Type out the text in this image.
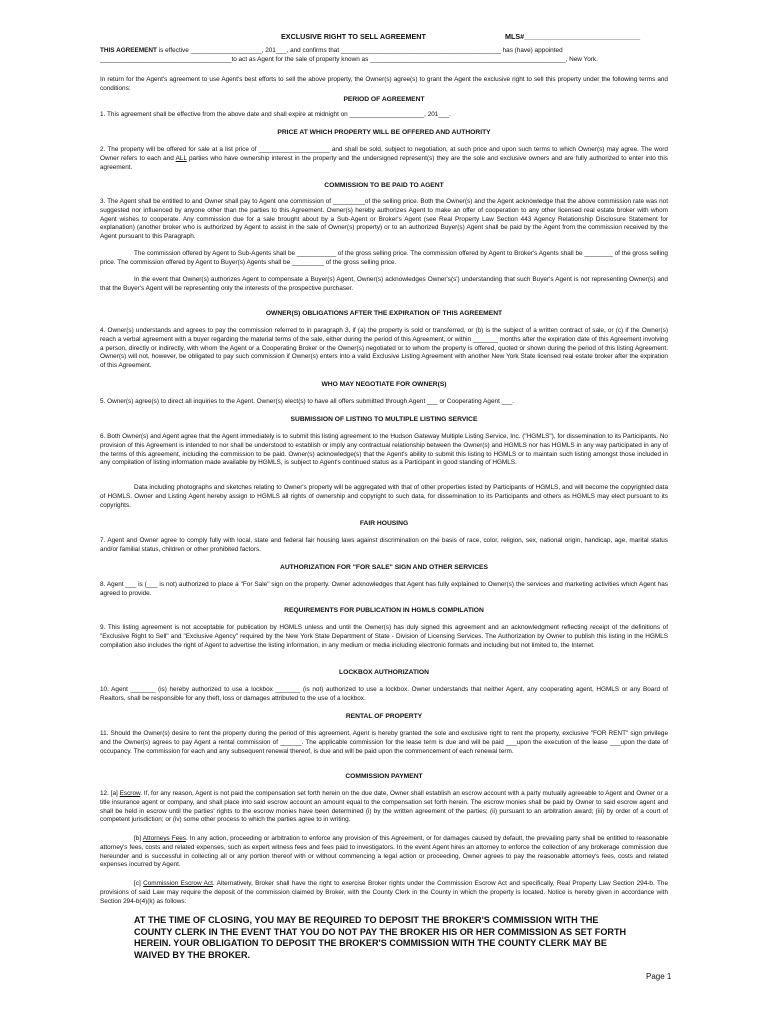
EXCLUSIVE RIGHT TO SELL AGREEMENT	MLS#_____________________________

THIS AGREEMENT is effective ____________________, 201___, and confirms that _____________________________________________ has (have) appointed

_____________________________________to act as Agent for the sale of property known as _______________________________________________________, New York.

In return for the Agent's agreement to use Agent's best efforts to sell the above property, the Owner(s) agree(s) to grant the Agent the exclusive right to sell this property under the following terms and conditions:
PERIOD OF AGREEMENT
1. This agreement shall be effective from the above date and shall expire at midnight on _____________________, 201___.
PRICE AT WHICH PROPERTY WILL BE OFFERED AND AUTHORITY
2. The property will be offered for sale at a list price of ____________________ and shall be sold, subject to negotiation, at such price and upon such terms to which Owner(s) may agree. The word Owner refers to each and ALL parties who have ownership interest in the property and the undersigned represent(s) they are the sole and exclusive owners and are fully authorized to enter into this agreement.
COMMISSION TO BE PAID TO AGENT
3. The Agent shall be entitled to and Owner shall pay to Agent one commission of _________of the selling price. Both the Owner(s) and the Agent acknowledge that the above commission rate was not suggested nor influenced by anyone other than the parties to this Agreement. Owner(s) hereby authorizes Agent to make an offer of cooperation to any other licensed real estate broker with whom Agent wishes to cooperate. Any commission due for a sale brought about by a Sub-Agent or Broker's Agent (see Real Property Law Section 443 Agency Relationship Disclosure Statement for explanation) (another broker who is authorized by Agent to assist in the sale of Owner(s) property) or to an authorized Buyer(s) Agent shall be paid by the Agent from the commission received by the Agent pursuant to this Paragraph.
The commission offered by Agent to Sub-Agents shall be ___________ of the gross selling price. The commission offered by Agent to Broker's Agents shall be ________ of the gross selling price. The commission offered by Agent to Buyer(s) Agents shall be _________ of the gross selling price.
In the event that Owner(s) authorizes Agent to compensate a Buyer(s) Agent, Owner(s) acknowledges Owner's(s') understanding that such Buyer's Agent is not representing Owner(s) and that the Buyer's Agent will be representing only the interests of the prospective purchaser.
OWNER(S) OBLIGATIONS AFTER THE EXPIRATION OF THIS AGREEMENT
4. Owner(s) understands and agrees to pay the commission referred to in paragraph 3, if (a) the property is sold or transferred, or (b) is the subject of a written contract of sale, or (c) if the Owner(s) reach a verbal agreement with a buyer regarding the material terms of the sale, either during the period of this Agreement, or within _______ months after the expiration date of this Agreement involving a person, directly or indirectly, with whom the Agent or a Cooperating Broker or the Owner(s) negotiated or to whom the property is offered, quoted or shown during the period of this listing Agreement. Owner(s) will not, however, be obligated to pay such commission if Owner(s) enters into a valid Exclusive Listing Agreement with another New York State licensed real estate broker after the expiration of this Agreement.
WHO MAY NEGOTIATE FOR OWNER(S)
5. Owner(s) agree(s) to direct all inquiries to the Agent. Owner(s) elect(s) to have all offers submitted through Agent ___ or Cooperating Agent ___.
SUBMISSION OF LISTING TO MULTIPLE LISTING SERVICE
6. Both Owner(s) and Agent agree that the Agent immediately is to submit this listing agreement to the Hudson Gateway Multiple Listing Service, Inc. ("HGMLS"), for dissemination to its Participants. No provision of this Agreement is intended to nor shall be understood to establish or imply any contractual relationship between the Owner(s) and HGMLS nor has HGMLS in any way participated in any of the terms of this agreement, including the commission to be paid. Owner(s) acknowledge(s) that the Agent's ability to submit this listing to HGMLS or to maintain such listing amongst those included in any compilation of listing information made available by HGMLS, is subject to Agent's continued status as a Participant in good standing of HGMLS.
Data including photographs and sketches relating to Owner's property will be aggregated with that of other properties listed by Participants of HGMLS, and will become the copyrighted data of HGMLS. Owner and Listing Agent hereby assign to HGMLS all rights of ownership and copyright to such data, for dissemination to its Participants and others as HGMLS may elect pursuant to its copyrights.
FAIR HOUSING
7. Agent and Owner agree to comply fully with local, state and federal fair housing laws against discrimination on the basis of race, color, religion, sex, national origin, handicap, age, marital status and/or familial status, children or other prohibited factors.
AUTHORIZATION FOR "FOR SALE" SIGN AND OTHER SERVICES
8. Agent ___ is (___ is not) authorized to place a "For Sale" sign on the property. Owner acknowledges that Agent has fully explained to Owner(s) the services and marketing activities which Agent has agreed to provide.
REQUIREMENTS FOR PUBLICATION IN HGMLS COMPILATION
9. This listing agreement is not acceptable for publication by HGMLS unless and until the Owner(s) has duly signed this agreement and an acknowledgment reflecting receipt of the definitions of "Exclusive Right to Sell" and "Exclusive Agency" required by the New York State Department of State - Division of Licensing Services. The Authorization by Owner to publish this listing in the HGMLS compilation also includes the right of Agent to advertise the listing information, in any medium or media including electronic formats and including but not limited to, the Internet.
LOCKBOX AUTHORIZATION
10. Agent _______ (is) hereby authorized to use a lockbox _______ (is not) authorized to use a lockbox. Owner understands that neither Agent, any cooperating agent, HGMLS or any Board of Realtors, shall be responsible for any theft, loss or damages attributed to the use of a lockbox.
RENTAL OF PROPERTY
11. Should the Owner(s) desire to rent the property during the period of this agreement, Agent is hereby granted the sole and exclusive right to rent the property, exclusive "FOR RENT" sign privilege and the Owner(s) agrees to pay Agent a rental commission of ______. The applicable commission for the lease term is due and will be paid ___upon the execution of the lease ___upon the date of occupancy. The commission for each and any subsequent renewal thereof, is due and will be paid upon the commencement of each renewal term.
COMMISSION PAYMENT
12. [a] Escrow. If, for any reason, Agent is not paid the compensation set forth herein on the due date, Owner shall establish an escrow account with a party mutually agreeable to Agent and Owner or a title insurance agent or company, and shall place into said escrow account an amount equal to the compensation set forth herein. The escrow monies shall be paid by Owner to said escrow agent and shall be held in escrow until the parties' rights to the escrow monies have been determined (i) by the written agreement of the parties; (ii) pursuant to an arbitration award; (iii) by order of a court of competent jurisdiction; or (iv) some other process to which the parties agree to in writing.
[b] Attorneys Fees. In any action, proceeding or arbitration to enforce any provision of this Agreement, or for damages caused by default, the prevailing party shall be entitled to reasonable attorney's fees, costs and related expenses, such as expert witness fees and fees paid to investigators. In the event Agent hires an attorney to enforce the collection of any brokerage commission due hereunder and is successful in collecting all or any portion thereof with or without commencing a legal action or proceeding, Owner agrees to pay the reasonable attorney's fees, costs and related expenses incurred by Agent.
[c] Commission Escrow Act. Alternatively, Broker shall have the right to exercise Broker rights under the Commission Escrow Act and specifically, Real Property Law Section 294-b. The provisions of said Law may require the deposit of the commission claimed by Broker, with the County Clerk in the County in which the property is located. Notice is hereby given in accordance with Section 294-b(4)(k) as follows:
AT THE TIME OF CLOSING, YOU MAY BE REQUIRED TO DEPOSIT THE BROKER'S COMMISSION WITH THE COUNTY CLERK IN THE EVENT THAT YOU DO NOT PAY THE BROKER HIS OR HER COMMISSION AS SET FORTH HEREIN. YOUR OBLIGATION TO DEPOSIT THE BROKER'S COMMISSION WITH THE COUNTY CLERK MAY BE WAIVED BY THE BROKER.
Page 1
